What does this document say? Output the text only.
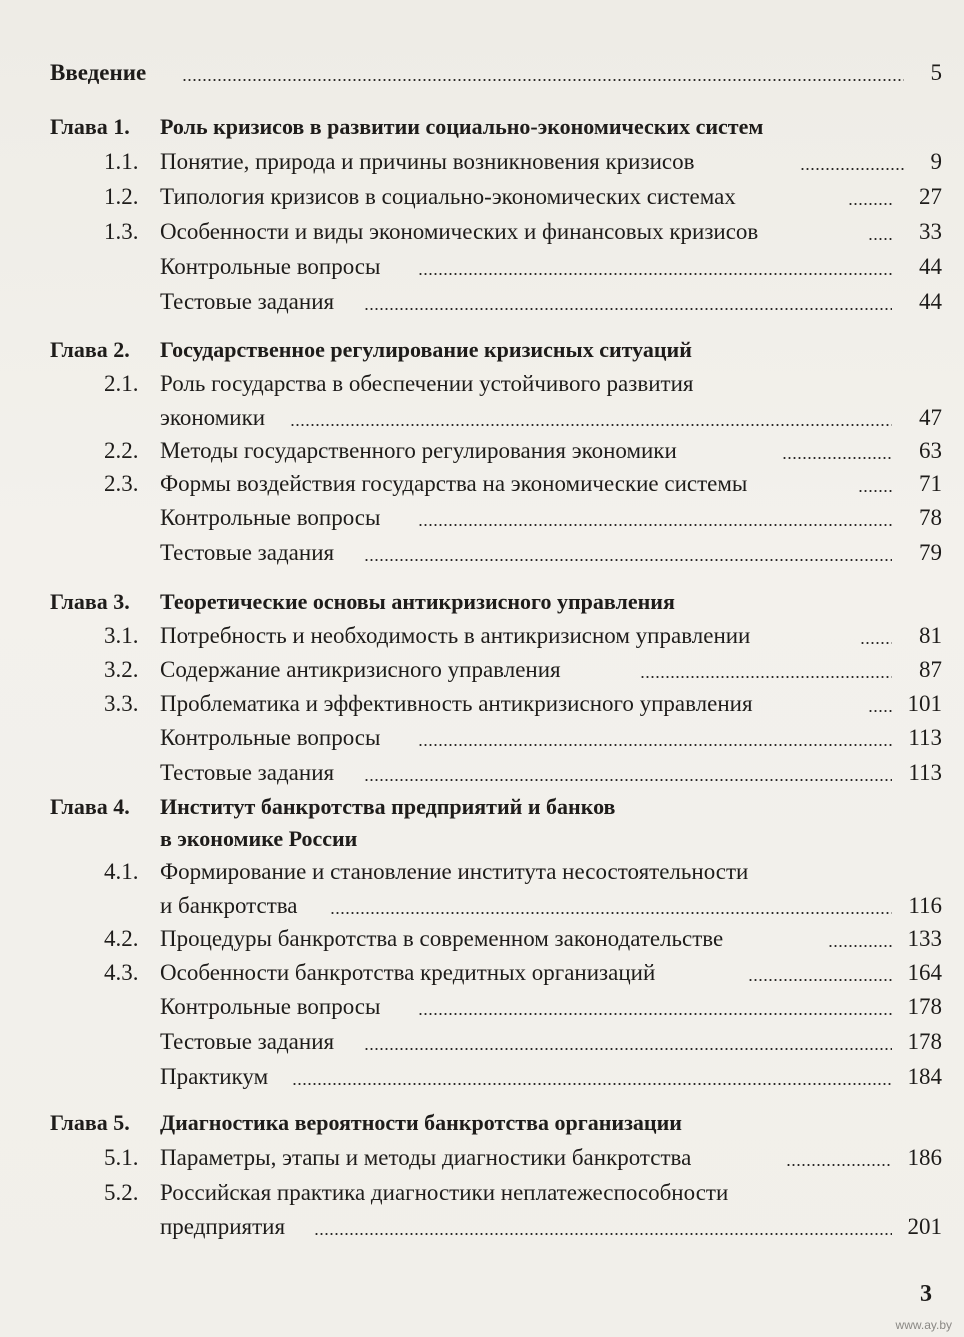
Введение	5
Глава 1. Роль кризисов в развитии социально-экономических систем
1.1. Понятие, природа и причины возникновения кризисов	9
1.2. Типология кризисов в социально-экономических системах	27
1.3. Особенности и виды экономических и финансовых кризисов	33
Контрольные вопросы	44
Тестовые задания	44
Глава 2. Государственное регулирование кризисных ситуаций
2.1. Роль государства в обеспечении устойчивого развития
экономики	47
2.2. Методы государственного регулирования экономики	63
2.3. Формы воздействия государства на экономические системы	71
Контрольные вопросы	78
Тестовые задания	79
Глава 3. Теоретические основы антикризисного управления
3.1. Потребность и необходимость в антикризисном управлении	81
3.2. Содержание антикризисного управления	87
3.3. Проблематика и эффективность антикризисного управления	101
Контрольные вопросы	113
Тестовые задания	113
Глава 4. Институт банкротства предприятий и банков
в экономике России
4.1. Формирование и становление института несостоятельности
и банкротства	116
4.2. Процедуры банкротства в современном законодательстве	133
4.3. Особенности банкротства кредитных организаций	164
Контрольные вопросы	178
Тестовые задания	178
Практикум	184
Глава 5. Диагностика вероятности банкротства организации
5.1. Параметры, этапы и методы диагностики банкротства	186
5.2. Российская практика диагностики неплатежеспособности
предприятия	201
3
www.ay.by
